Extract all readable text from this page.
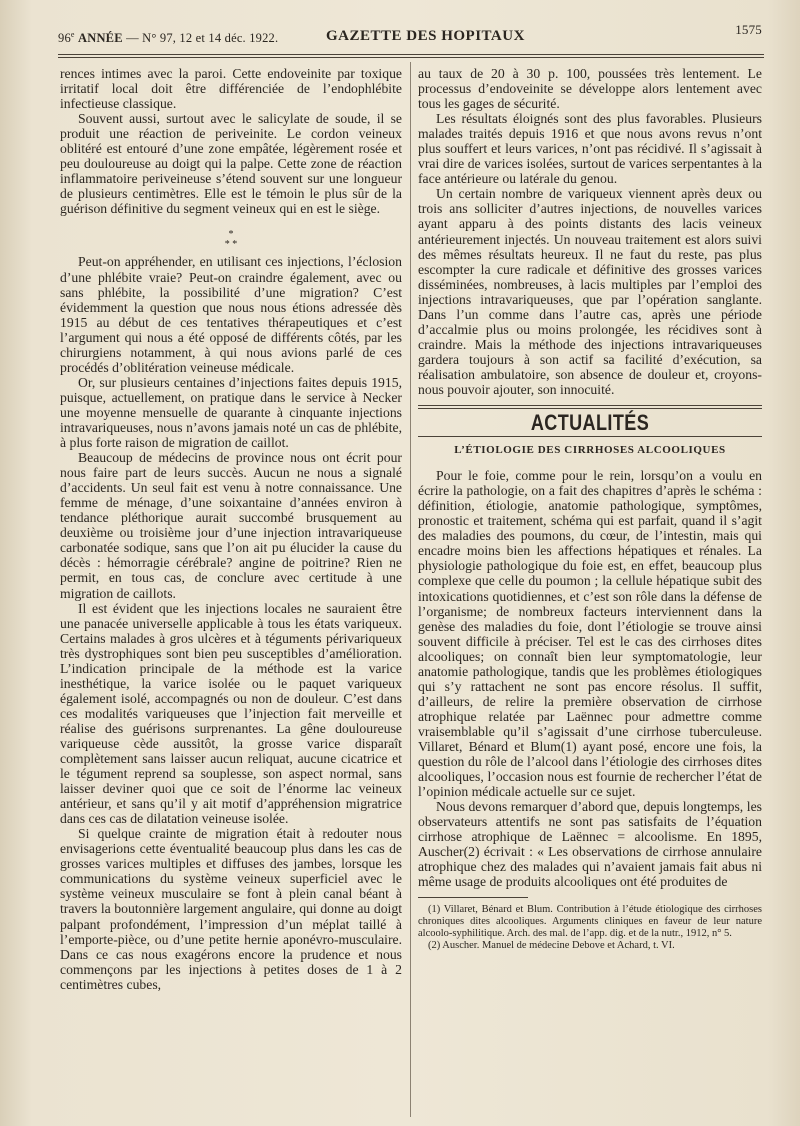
96e ANNÉE — N° 97, 12 et 14 déc. 1922.	GAZETTE DES HOPITAUX	1575

rences intimes avec la paroi. Cette endoveinite par toxique irritatif local doit être différenciée de l’endophlébite infectieuse classique.

Souvent aussi, surtout avec le salicylate de soude, il se produit une réaction de periveinite. Le cordon veineux oblitéré est entouré d’une zone empâtée, légèrement rosée et peu douloureuse au doigt qui la palpe. Cette zone de réaction inflammatoire periveineuse s’étend souvent sur une longueur de plusieurs centimètres. Elle est le témoin le plus sûr de la guérison définitive du segment veineux qui en est le siège.

*
* *

Peut-on appréhender, en utilisant ces injections, l’éclosion d’une phlébite vraie? Peut-on craindre également, avec ou sans phlébite, la possibilité d’une migration? C’est évidemment la question que nous nous étions adressée dès 1915 au début de ces tentatives thérapeutiques et c’est l’argument qui nous a été opposé de différents côtés, par les chirurgiens notamment, à qui nous avions parlé de ces procédés d’oblitération veineuse médicale.

Or, sur plusieurs centaines d’injections faites depuis 1915, puisque, actuellement, on pratique dans le service à Necker une moyenne mensuelle de quarante à cinquante injections intravariqueuses, nous n’avons jamais noté un cas de phlébite, à plus forte raison de migration de caillot.

Beaucoup de médecins de province nous ont écrit pour nous faire part de leurs succès. Aucun ne nous a signalé d’accidents. Un seul fait est venu à notre connaissance. Une femme de ménage, d’une soixantaine d’années environ à tendance pléthorique aurait succombé brusquement au deuxième ou troisième jour d’une injection intravariqueuse carbonatée sodique, sans que l’on ait pu élucider la cause du décès : hémorragie cérébrale? angine de poitrine? Rien ne permit, en tous cas, de conclure avec certitude à une migration de caillots.

Il est évident que les injections locales ne sauraient être une panacée universelle applicable à tous les états variqueux. Certains malades à gros ulcères et à téguments périvariqueux très dystrophiques sont bien peu susceptibles d’amélioration. L’indication principale de la méthode est la varice inesthétique, la varice isolée ou le paquet variqueux également isolé, accompagnés ou non de douleur. C’est dans ces modalités variqueuses que l’injection fait merveille et réalise des guérisons surprenantes. La gêne douloureuse variqueuse cède aussitôt, la grosse varice disparaît complètement sans laisser aucun reliquat, aucune cicatrice et le tégument reprend sa souplesse, son aspect normal, sans laisser deviner quoi que ce soit de l’énorme lac veineux antérieur, et sans qu’il y ait motif d’appréhension migratrice dans ces cas de dilatation veineuse isolée.

Si quelque crainte de migration était à redouter nous envisagerions cette éventualité beaucoup plus dans les cas de grosses varices multiples et diffuses des jambes, lorsque les communications du système veineux superficiel avec le système veineux musculaire se font à plein canal béant à travers la boutonnière largement angulaire, qui donne au doigt palpant profondément, l’impression d’un méplat taillé à l’emporte-pièce, ou d’une petite hernie aponévro-musculaire. Dans ce cas nous exagérons encore la prudence et nous commençons par les injections à petites doses de 1 à 2 centimètres cubes,

au taux de 20 à 30 p. 100, poussées très lentement. Le processus d’endoveinite se développe alors lentement avec tous les gages de sécurité.

Les résultats éloignés sont des plus favorables. Plusieurs malades traités depuis 1916 et que nous avons revus n’ont plus souffert et leurs varices, n’ont pas récidivé. Il s’agissait à vrai dire de varices isolées, surtout de varices serpentantes à la face antérieure ou latérale du genou.

Un certain nombre de variqueux viennent après deux ou trois ans solliciter d’autres injections, de nouvelles varices ayant apparu à des points distants des lacis veineux antérieurement injectés. Un nouveau traitement est alors suivi des mêmes résultats heureux. Il ne faut du reste, pas plus escompter la cure radicale et définitive des grosses varices disséminées, nombreuses, à lacis multiples par l’emploi des injections intravariqueuses, que par l’opération sanglante. Dans l’un comme dans l’autre cas, après une période d’accalmie plus ou moins prolongée, les récidives sont à craindre. Mais la méthode des injections intravariqueuses gardera toujours à son actif sa facilité d’exécution, sa réalisation ambulatoire, son absence de douleur et, croyons-nous pouvoir ajouter, son innocuité.

ACTUALITÉS
L’ÉTIOLOGIE DES CIRRHOSES ALCOOLIQUES

Pour le foie, comme pour le rein, lorsqu’on a voulu en écrire la pathologie, on a fait des chapitres d’après le schéma : définition, étiologie, anatomie pathologique, symptômes, pronostic et traitement, schéma qui est parfait, quand il s’agit des maladies des poumons, du cœur, de l’intestin, mais qui encadre moins bien les affections hépatiques et rénales. La physiologie pathologique du foie est, en effet, beaucoup plus complexe que celle du poumon ; la cellule hépatique subit des intoxications quotidiennes, et c’est son rôle dans la défense de l’organisme; de nombreux facteurs interviennent dans la genèse des maladies du foie, dont l’étiologie se trouve ainsi souvent difficile à préciser. Tel est le cas des cirrhoses dites alcooliques; on connaît bien leur symptomatologie, leur anatomie pathologique, tandis que les problèmes étiologiques qui s’y rattachent ne sont pas encore résolus. Il suffit, d’ailleurs, de relire la première observation de cirrhose atrophique relatée par Laënnec pour admettre comme vraisemblable qu’il s’agissait d’une cirrhose tuberculeuse. Villaret, Bénard et Blum(1) ayant posé, encore une fois, la question du rôle de l’alcool dans l’étiologie des cirrhoses dites alcooliques, l’occasion nous est fournie de rechercher l’état de l’opinion médicale actuelle sur ce sujet.

Nous devons remarquer d’abord que, depuis longtemps, les observateurs attentifs ne sont pas satisfaits de l’équation cirrhose atrophique de Laënnec = alcoolisme. En 1895, Auscher(2) écrivait : « Les observations de cirrhose annulaire atrophique chez des malades qui n’avaient jamais fait abus ni même usage de produits alcooliques ont été produites de

(1) Villaret, Bénard et Blum. Contribution à l’étude étiologique des cirrhoses chroniques dites alcooliques. Arguments cliniques en faveur de leur nature alcoolo-syphilitique. Arch. des mal. de l’app. dig. et de la nutr., 1912, n° 5.

(2) Auscher. Manuel de médecine Debove et Achard, t. VI.
